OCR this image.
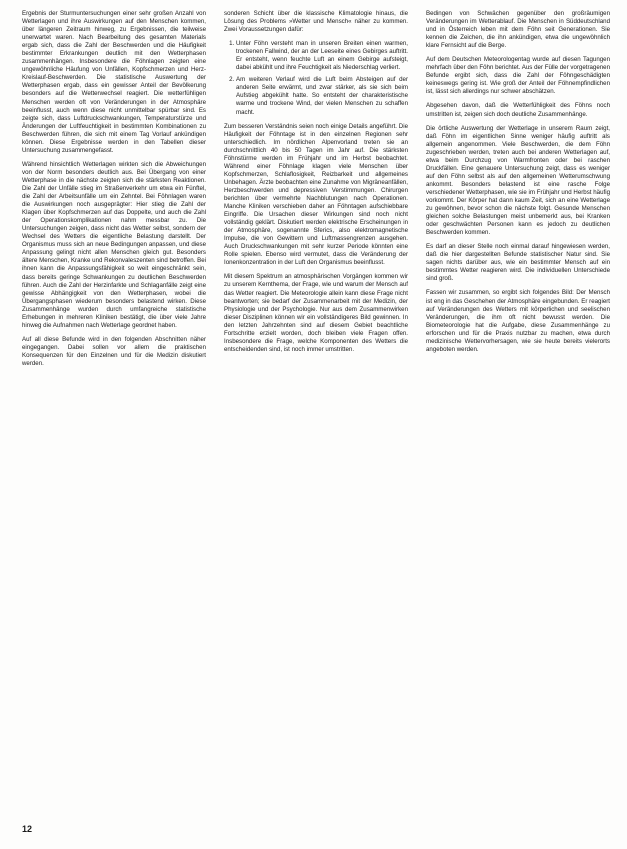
Ergebnis der Sturmuntersuchungen einer sehr großen Anzahl von Wetterlagen und ihre Auswirkungen auf den Menschen kommen, über längeren Zeitraum hinweg, zu Ergebnissen, die teilweise unerwartet waren. Nach Bearbeitung des gesamten Materials ergab sich, dass die Zahl der Beschwerden und die Häufigkeit bestimmter Erkrankungen deutlich mit den Wetterphasen zusammenhängen. Insbesondere die Föhnlagen zeigten eine ungewöhnliche Häufung von Unfällen, Kopfschmerzen und Herz-Kreislauf-Beschwerden. Die statistische Auswertung der Wetterphasen ergab, dass ein gewisser Anteil der Bevölkerung besonders auf die Wetterwechsel reagiert. Die wetterfühligen Menschen werden oft von Veränderungen in der Atmosphäre beeinflusst, auch wenn diese nicht unmittelbar spürbar sind. Es zeigte sich, dass Luftdruckschwankungen, Temperaturstürze und Änderungen der Luftfeuchtigkeit in bestimmten Kombinationen zu Beschwerden führen, die sich mit einem Tag Vorlauf ankündigen können. Diese Ergebnisse werden in den Tabellen dieser Untersuchung zusammengefasst.

Während hinsichtlich Wetterlagen wirkten sich die Abweichungen von der Norm besonders deutlich aus. Bei Übergang von einer Wetterphase in die nächste zeigten sich die stärksten Reaktionen. Die Zahl der Unfälle stieg im Straßenverkehr um etwa ein Fünftel, die Zahl der Arbeitsunfälle um ein Zehntel. Bei Föhnlagen waren die Auswirkungen noch ausgeprägter: Hier stieg die Zahl der Klagen über Kopfschmerzen auf das Doppelte, und auch die Zahl der Operationskomplikationen nahm messbar zu. Die Untersuchungen zeigen, dass nicht das Wetter selbst, sondern der Wechsel des Wetters die eigentliche Belastung darstellt. Der Organismus muss sich an neue Bedingungen anpassen, und diese Anpassung gelingt nicht allen Menschen gleich gut. Besonders ältere Menschen, Kranke und Rekonvaleszenten sind betroffen. Bei ihnen kann die Anpassungsfähigkeit so weit eingeschränkt sein, dass bereits geringe Schwankungen zu deutlichen Beschwerden führen. Auch die Zahl der Herzinfarkte und Schlaganfälle zeigt eine gewisse Abhängigkeit von den Wetterphasen, wobei die Übergangsphasen wiederum besonders belastend wirken. Diese Zusammenhänge wurden durch umfangreiche statistische Erhebungen in mehreren Kliniken bestätigt, die über viele Jahre hinweg die Aufnahmen nach Wetterlage geordnet haben.

Auf all diese Befunde wird in den folgenden Abschnitten näher eingegangen. Dabei sollen vor allem die praktischen Konsequenzen für den Einzelnen und für die Medizin diskutiert werden.

sonderen Schicht über die klassische Klimatologie hinaus, die Lösung des Problems »Wetter und Mensch« näher zu kommen. Zwei Voraussetzungen dafür:

1. Unter Föhn versteht man in unseren Breiten einen warmen, trockenen Fallwind, der an der Leeseite eines Gebirges auftritt. Er entsteht, wenn feuchte Luft an einem Gebirge aufsteigt, dabei abkühlt und ihre Feuchtigkeit als Niederschlag verliert.
2. Am weiteren Verlauf wird die Luft beim Absteigen auf der anderen Seite erwärmt, und zwar stärker, als sie sich beim Aufstieg abgekühlt hatte. So entsteht der charakteristische warme und trockene Wind, der vielen Menschen zu schaffen macht.

Zum besseren Verständnis seien noch einige Details angeführt. Die Häufigkeit der Föhntage ist in den einzelnen Regionen sehr unterschiedlich. Im nördlichen Alpenvorland treten sie an durchschnittlich 40 bis 50 Tagen im Jahr auf. Die stärksten Föhnstürme werden im Frühjahr und im Herbst beobachtet. Während einer Föhnlage klagen viele Menschen über Kopfschmerzen, Schlaflosigkeit, Reizbarkeit und allgemeines Unbehagen. Ärzte beobachten eine Zunahme von Migräneanfällen, Herzbeschwerden und depressiven Verstimmungen. Chirurgen berichten über vermehrte Nachblutungen nach Operationen. Manche Kliniken verschieben daher an Föhntagen aufschiebbare Eingriffe. Die Ursachen dieser Wirkungen sind noch nicht vollständig geklärt. Diskutiert werden elektrische Erscheinungen in der Atmosphäre, sogenannte Sferics, also elektromagnetische Impulse, die von Gewittern und Luftmassengrenzen ausgehen. Auch Druckschwankungen mit sehr kurzer Periode könnten eine Rolle spielen. Ebenso wird vermutet, dass die Veränderung der Ionenkonzentration in der Luft den Organismus beeinflusst.

Mit diesem Spektrum an atmosphärischen Vorgängen kommen wir zu unserem Kernthema, der Frage, wie und warum der Mensch auf das Wetter reagiert. Die Meteorologie allein kann diese Frage nicht beantworten; sie bedarf der Zusammenarbeit mit der Medizin, der Physiologie und der Psychologie. Nur aus dem Zusammenwirken dieser Disziplinen können wir ein vollständigeres Bild gewinnen. In den letzten Jahrzehnten sind auf diesem Gebiet beachtliche Fortschritte erzielt worden, doch bleiben viele Fragen offen. Insbesondere die Frage, welche Komponenten des Wetters die entscheidenden sind, ist noch immer umstritten.

Bedingen von Schwächen gegenüber den großräumigen Veränderungen im Wetterablauf. Die Menschen in Süddeutschland und in Österreich leben mit dem Föhn seit Generationen. Sie kennen die Zeichen, die ihn ankündigen, etwa die ungewöhnlich klare Fernsicht auf die Berge.

Auf dem Deutschen Meteorologentag wurde auf diesen Tagungen mehrfach über den Föhn berichtet. Aus der Fülle der vorgetragenen Befunde ergibt sich, dass die Zahl der Föhngeschädigten keineswegs gering ist. Wie groß der Anteil der Föhnempfindlichen ist, lässt sich allerdings nur schwer abschätzen.

Abgesehen davon, daß die Wetterfühligkeit des Föhns noch umstritten ist, zeigen sich doch deutliche Zusammenhänge.

Die örtliche Auswertung der Wetterlage in unserem Raum zeigt, daß Föhn im eigentlichen Sinne weniger häufig auftritt als allgemein angenommen. Viele Beschwerden, die dem Föhn zugeschrieben werden, treten auch bei anderen Wetterlagen auf, etwa beim Durchzug von Warmfronten oder bei raschen Druckfällen. Eine genauere Untersuchung zeigt, dass es weniger auf den Föhn selbst als auf den allgemeinen Wetterumschwung ankommt. Besonders belastend ist eine rasche Folge verschiedener Wetterphasen, wie sie im Frühjahr und Herbst häufig vorkommt. Der Körper hat dann kaum Zeit, sich an eine Wetterlage zu gewöhnen, bevor schon die nächste folgt. Gesunde Menschen gleichen solche Belastungen meist unbemerkt aus, bei Kranken oder geschwächten Personen kann es jedoch zu deutlichen Beschwerden kommen.

Es darf an dieser Stelle noch einmal darauf hingewiesen werden, daß die hier dargestellten Befunde statistischer Natur sind. Sie sagen nichts darüber aus, wie ein bestimmter Mensch auf ein bestimmtes Wetter reagieren wird. Die individuellen Unterschiede sind groß.

Fassen wir zusammen, so ergibt sich folgendes Bild: Der Mensch ist eng in das Geschehen der Atmosphäre eingebunden. Er reagiert auf Veränderungen des Wetters mit körperlichen und seelischen Veränderungen, die ihm oft nicht bewusst werden. Die Biometeorologie hat die Aufgabe, diese Zusammenhänge zu erforschen und für die Praxis nutzbar zu machen, etwa durch medizinische Wettervorhersagen, wie sie heute bereits vielerorts angeboten werden.

12
